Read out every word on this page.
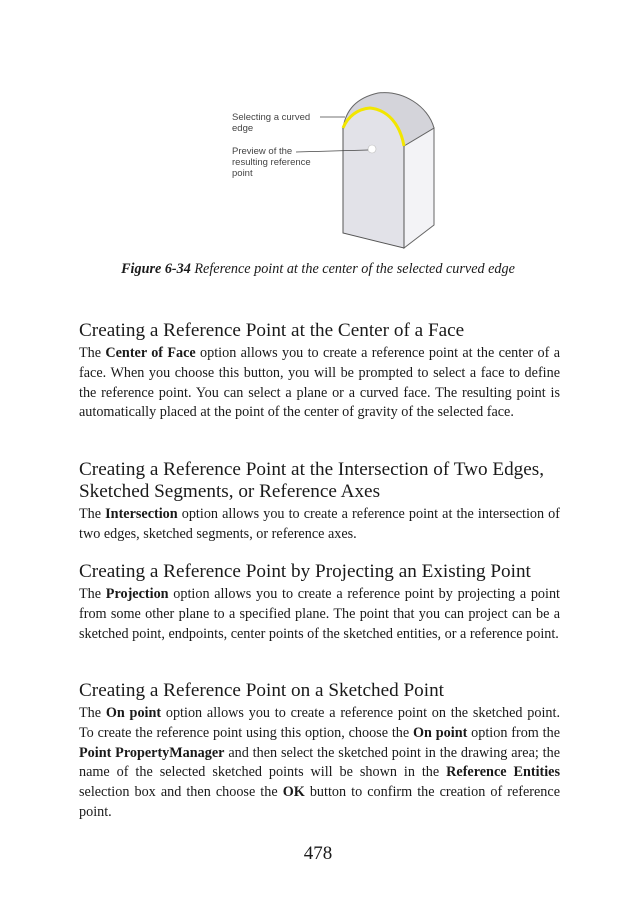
Selecting a curved
edge
Preview of the
resulting reference
point
Figure 6-34 Reference point at the center of the selected curved edge
Creating a Reference Point at the Center of a Face

The Center of Face option allows you to create a reference point at the center of a face. When you choose this button, you will be prompted to select a face to define the reference point. You can select a plane or a curved face. The resulting point is automatically placed at the point of the center of gravity of the selected face.

Creating a Reference Point at the Intersection of Two Edges, Sketched Segments, or Reference Axes

The Intersection option allows you to create a reference point at the intersection of two edges, sketched segments, or reference axes.

Creating a Reference Point by Projecting an Existing Point

The Projection option allows you to create a reference point by projecting a point from some other plane to a specified plane. The point that you can project can be a sketched point, endpoints, center points of the sketched entities, or a reference point.

Creating a Reference Point on a Sketched Point

The On point option allows you to create a reference point on the sketched point. To create the reference point using this option, choose the On point option from the Point PropertyManager and then select the sketched point in the drawing area; the name of the selected sketched points will be shown in the Reference Entities selection box and then choose the OK button to confirm the creation of reference point.

478
